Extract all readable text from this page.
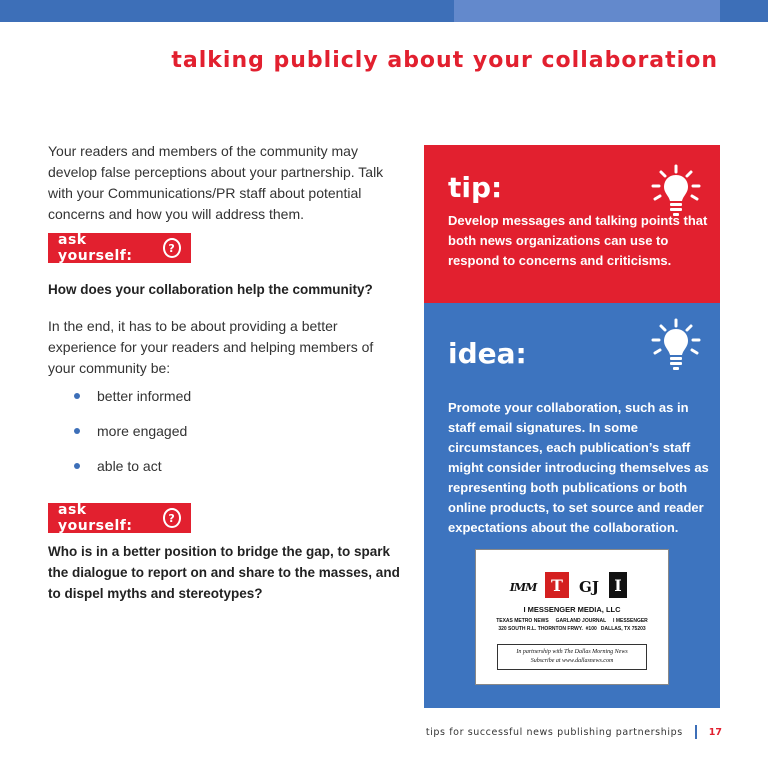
talking publicly about your collaboration

Your readers and members of the community may develop false perceptions about your partnership. Talk with your Communications/PR staff about potential concerns and how you will address them.

ask yourself:	?
How does your collaboration help the community?

In the end, it has to be about providing a better experience for your readers and helping members of your community be:

better informed
more engaged
able to act
ask yourself:	?
Who is in a better position to bridge the gap, to spark the dialogue to report on and share to the masses, and to dispel myths and stereotypes?
tip:
Develop messages and talking points that both news organizations can use to respond to concerns and criticisms.
idea:
Promote your collaboration, such as in staff email signatures. In some circumstances, each publication’s staff might consider introducing themselves as representing both publications or both online products, to set source and reader expectations about the collaboration.
IMM T	GJ I
I MESSENGER MEDIA, LLC
TEXAS METRO NEWS     GARLAND JOURNAL     I MESSENGER
320 SOUTH R.L. THORNTON FRWY.  #100   DALLAS, TX 75203
In partnership with The Dallas Morning News
Subscribe at www.dallasnews.com
tips for successful news publishing partnerships	17
